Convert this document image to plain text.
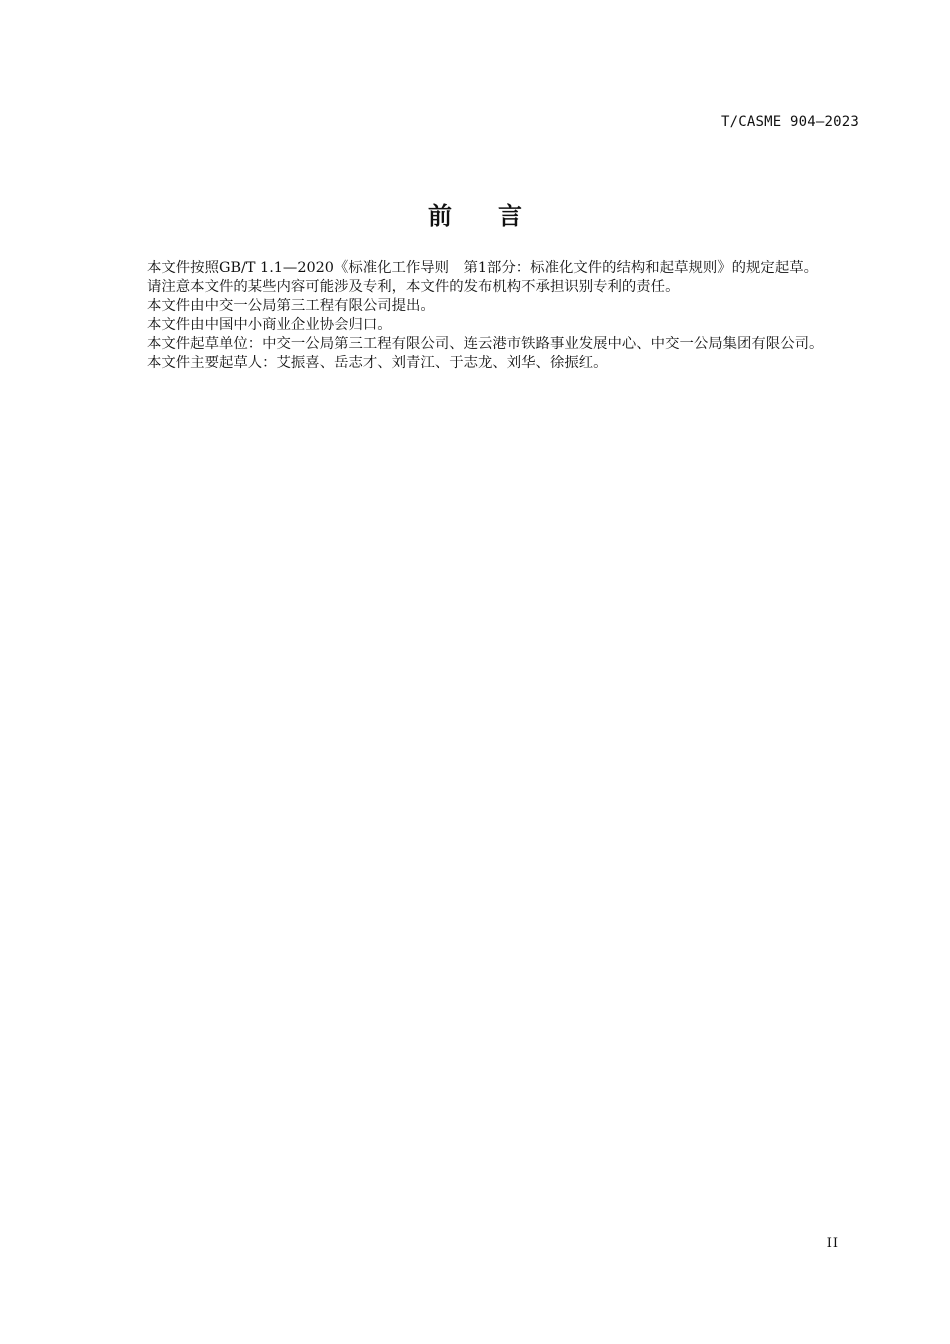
T/CASME 904—2023
前言

本文件按照GB/T 1.1—2020《标准化工作导则　第1部分：标准化文件的结构和起草规则》的规定起草。

请注意本文件的某些内容可能涉及专利，本文件的发布机构不承担识别专利的责任。

本文件由中交一公局第三工程有限公司提出。

本文件由中国中小商业企业协会归口。

本文件起草单位：中交一公局第三工程有限公司、连云港市铁路事业发展中心、中交一公局集团有限公司。

本文件主要起草人：艾振喜、岳志才、刘青江、于志龙、刘华、徐振红。

II
